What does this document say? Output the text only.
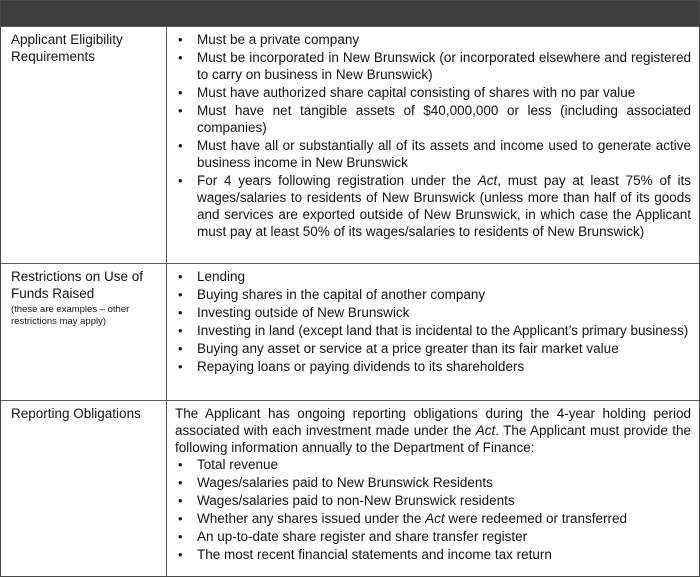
Applicant Eligibility Requirements
• Must be a private company
• Must be incorporated in New Brunswick (or incorporated elsewhere and registered to carry on business in New Brunswick)
• Must have authorized share capital consisting of shares with no par value
• Must have net tangible assets of $40,000,000 or less (including associated companies)
• Must have all or substantially all of its assets and income used to generate active business income in New Brunswick
• For 4 years following registration under the Act, must pay at least 75% of its wages/salaries to residents of New Brunswick (unless more than half of its goods and services are exported outside of New Brunswick, in which case the Applicant must pay at least 50% of its wages/salaries to residents of New Brunswick)
Restrictions on Use of Funds Raised
(these are examples – other restrictions may apply)
• Lending
• Buying shares in the capital of another company
• Investing outside of New Brunswick
• Investing in land (except land that is incidental to the Applicant’s primary business)
• Buying any asset or service at a price greater than its fair market value
• Repaying loans or paying dividends to its shareholders
Reporting Obligations	The Applicant has ongoing reporting obligations during the 4-year holding period associated with each investment made under the Act. The Applicant must provide the following information annually to the Department of Finance:

• Total revenue
• Wages/salaries paid to New Brunswick Residents
• Wages/salaries paid to non-New Brunswick residents
• Whether any shares issued under the Act were redeemed or transferred
• An up-to-date share register and share transfer register
• The most recent financial statements and income tax return
